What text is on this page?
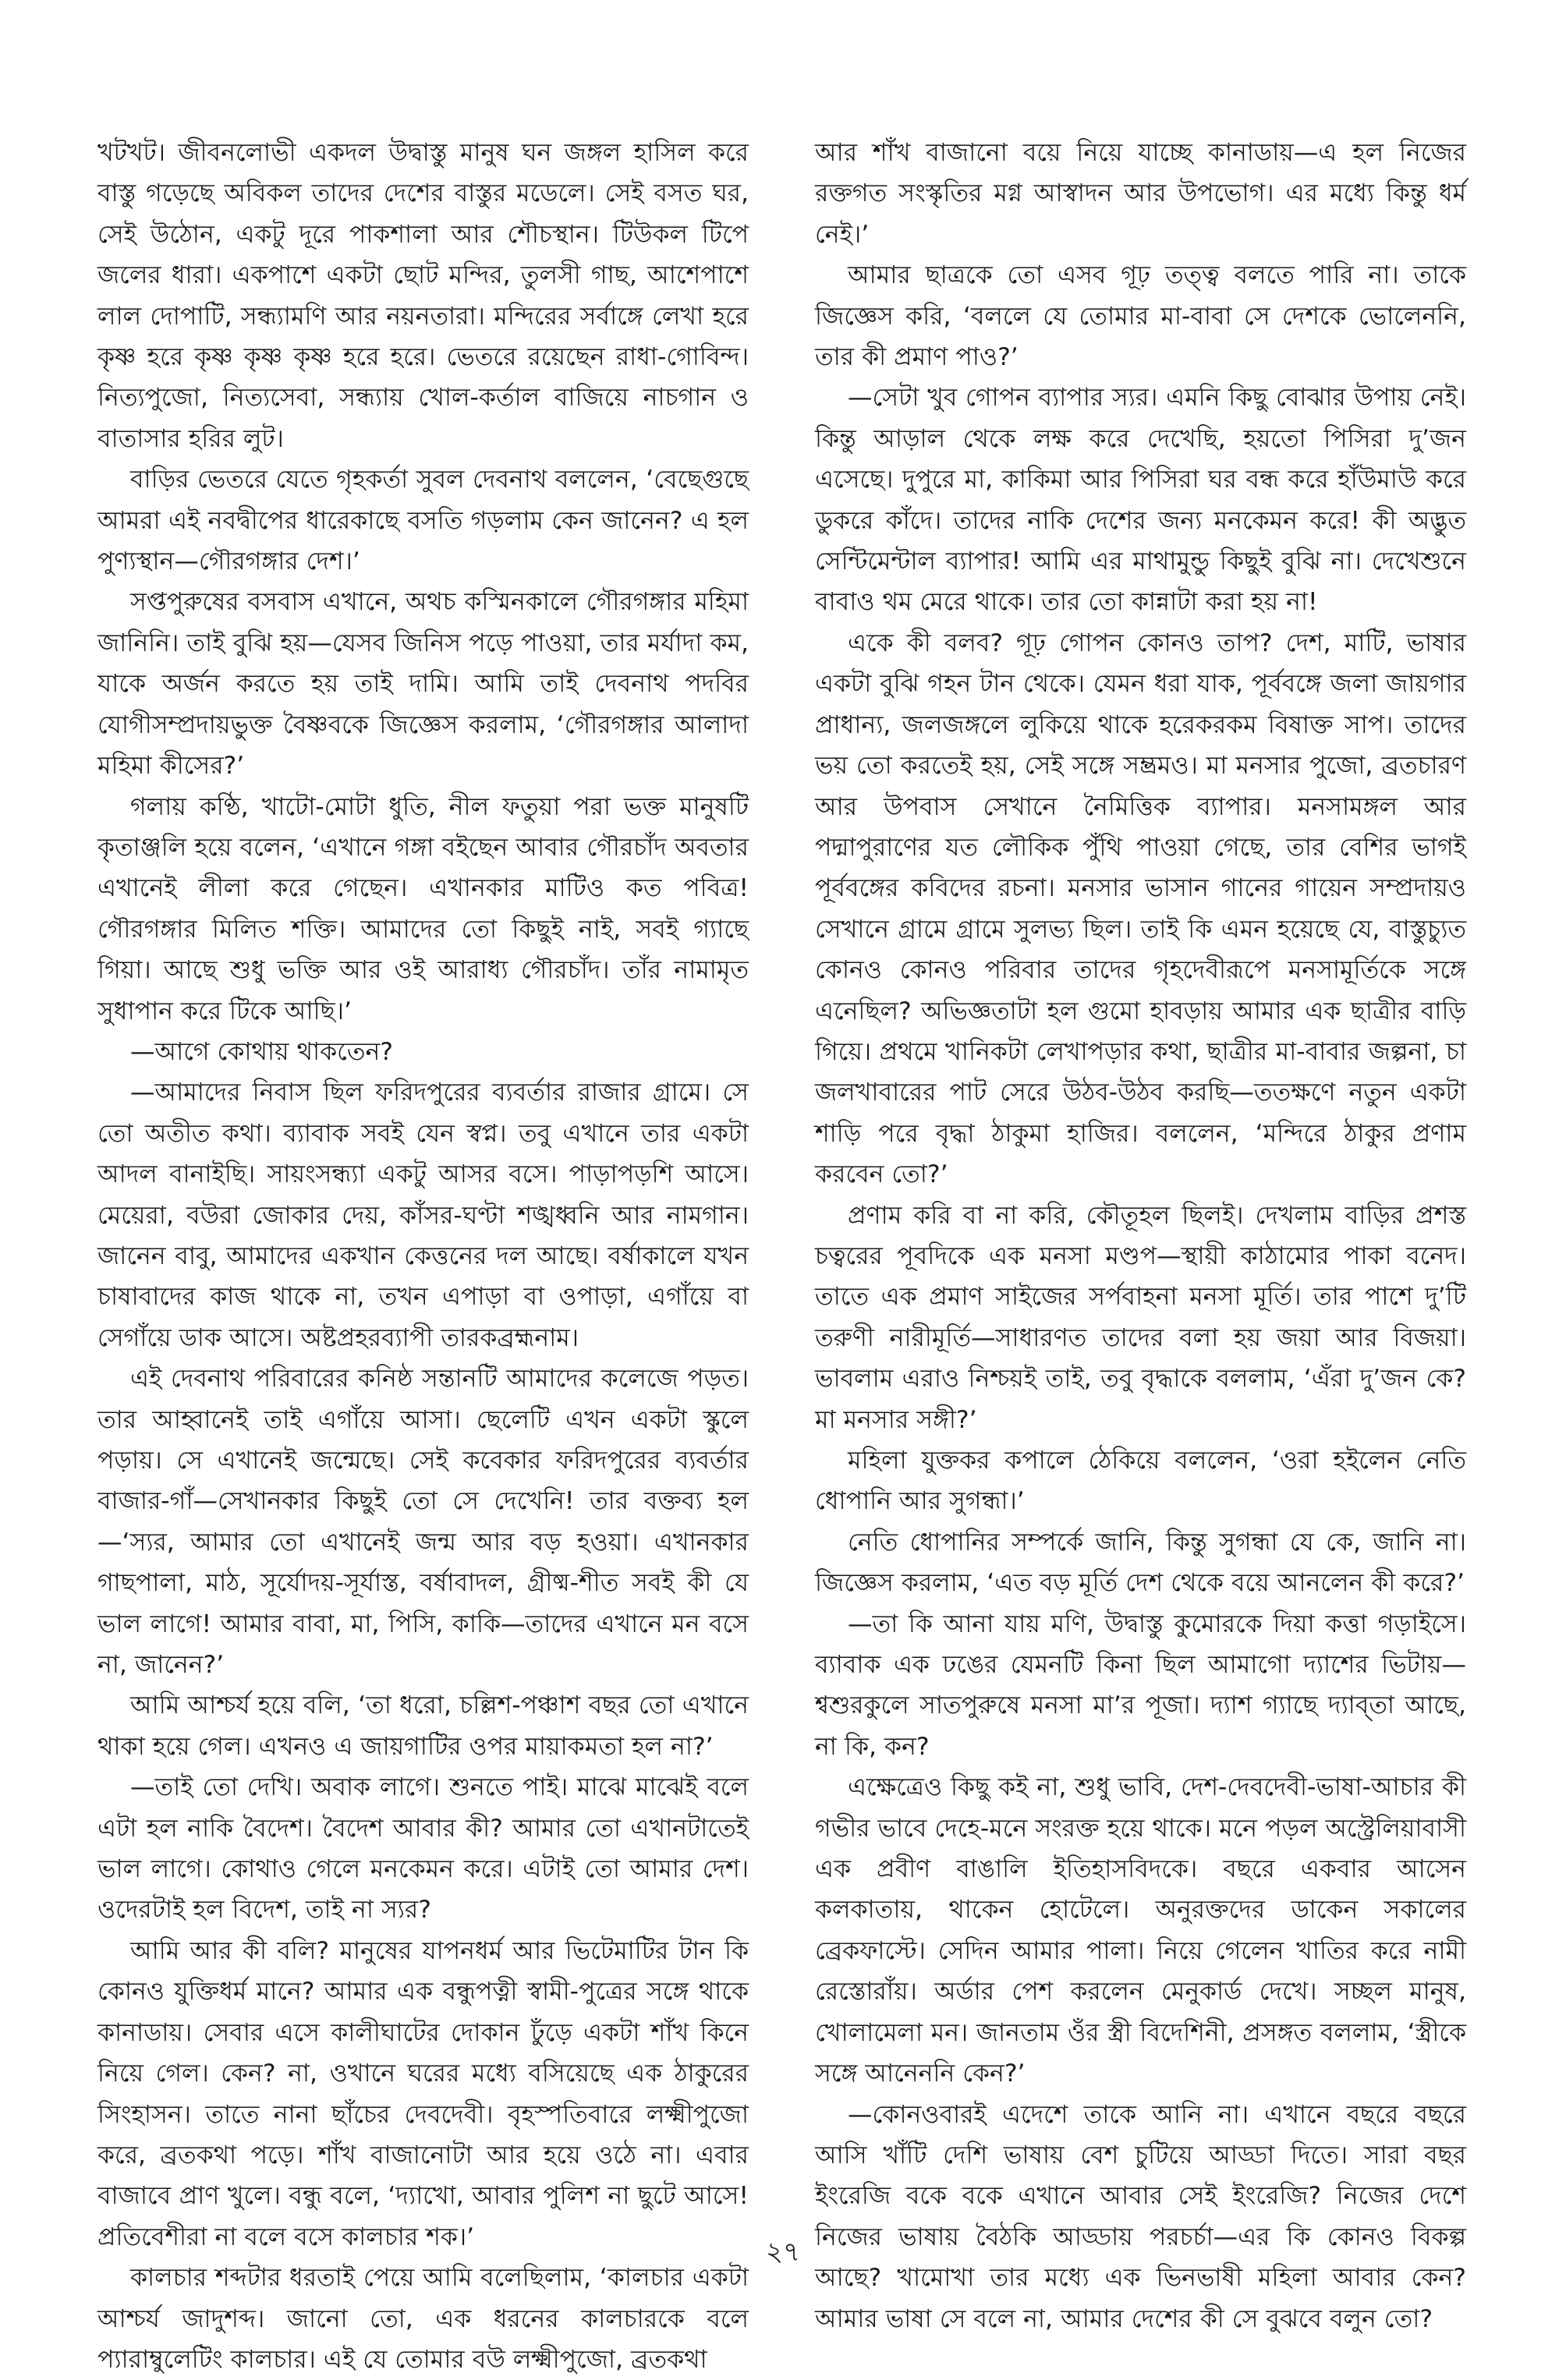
খটখট। জীবনলোভী একদল উদ্বাস্তু মানুষ ঘন জঙ্গল হাসিল করে বাস্তু গড়েছে অবিকল তাদের দেশের বাস্তুর মডেলে। সেই বসত ঘর, সেই উঠোন, একটু দূরে পাকশালা আর শৌচস্থান। টিউকল টিপে জলের ধারা। একপাশে একটা ছোট মন্দির, তুলসী গাছ, আশেপাশে লাল দোপাটি, সন্ধ্যামণি আর নয়নতারা। মন্দিরের সর্বাঙ্গে লেখা হরে কৃষ্ণ হরে কৃষ্ণ কৃষ্ণ কৃষ্ণ হরে হরে। ভেতরে রয়েছেন রাধা-গোবিন্দ। নিত্যপুজো, নিত্যসেবা, সন্ধ্যায় খোল-কর্তাল বাজিয়ে নাচগান ও বাতাসার হরির লুট।

বাড়ির ভেতরে যেতে গৃহকর্তা সুবল দেবনাথ বললেন, ‘বেছেগুছে আমরা এই নবদ্বীপের ধারেকাছে বসতি গড়লাম কেন জানেন? এ হল পুণ্যস্থান—গৌরগঙ্গার দেশ।’

সপ্তপুরুষের বসবাস এখানে, অথচ কস্মিনকালে গৌরগঙ্গার মহিমা জানিনি। তাই বুঝি হয়—যেসব জিনিস পড়ে পাওয়া, তার মর্যাদা কম, যাকে অর্জন করতে হয় তাই দামি। আমি তাই দেবনাথ পদবির যোগীসম্প্রদায়ভুক্ত বৈষ্ণবকে জিজ্ঞেস করলাম, ‘গৌরগঙ্গার আলাদা মহিমা কীসের?’

গলায় কণ্ঠি, খাটো-মোটা ধুতি, নীল ফতুয়া পরা ভক্ত মানুষটি কৃতাঞ্জলি হয়ে বলেন, ‘এখানে গঙ্গা বইছেন আবার গৌরচাঁদ অবতার এখানেই লীলা করে গেছেন। এখানকার মাটিও কত পবিত্র! গৌরগঙ্গার মিলিত শক্তি। আমাদের তো কিছুই নাই, সবই গ্যাছে গিয়া। আছে শুধু ভক্তি আর ওই আরাধ্য গৌরচাঁদ। তাঁর নামামৃত সুধাপান করে টিকে আছি।’

—আগে কোথায় থাকতেন?

—আমাদের নিবাস ছিল ফরিদপুরের ব্যবর্তার রাজার গ্রামে। সে তো অতীত কথা। ব্যাবাক সবই যেন স্বপ্ন। তবু এখানে তার একটা আদল বানাইছি। সায়ংসন্ধ্যা একটু আসর বসে। পাড়াপড়শি আসে। মেয়েরা, বউরা জোকার দেয়, কাঁসর-ঘণ্টা শঙ্খধ্বনি আর নামগান। জানেন বাবু, আমাদের একখান কেত্তনের দল আছে। বর্ষাকালে যখন চাষাবাদের কাজ থাকে না, তখন এপাড়া বা ওপাড়া, এগাঁয়ে বা সেগাঁয়ে ডাক আসে। অষ্টপ্রহরব্যাপী তারকব্রহ্মনাম।

এই দেবনাথ পরিবারের কনিষ্ঠ সন্তানটি আমাদের কলেজে পড়ত। তার আহ্বানেই তাই এগাঁয়ে আসা। ছেলেটি এখন একটা স্কুলে পড়ায়। সে এখানেই জন্মেছে। সেই কবেকার ফরিদপুরের ব্যবর্তার বাজার-গাঁ—সেখানকার কিছুই তো সে দেখেনি! তার বক্তব্য হল—‘স্যর, আমার তো এখানেই জন্ম আর বড় হওয়া। এখানকার গাছপালা, মাঠ, সূর্যোদয়-সূর্যাস্ত, বর্ষাবাদল, গ্রীষ্ম-শীত সবই কী যে ভাল লাগে! আমার বাবা, মা, পিসি, কাকি—তাদের এখানে মন বসে না, জানেন?’

আমি আশ্চর্য হয়ে বলি, ‘তা ধরো, চল্লিশ-পঞ্চাশ বছর তো এখানে থাকা হয়ে গেল। এখনও এ জায়গাটির ওপর মায়াকমতা হল না?’

—তাই তো দেখি। অবাক লাগে। শুনতে পাই। মাঝে মাঝেই বলে এটা হল নাকি বৈদেশ। বৈদেশ আবার কী? আমার তো এখানটাতেই ভাল লাগে। কোথাও গেলে মনকেমন করে। এটাই তো আমার দেশ। ওদেরটাই হল বিদেশ, তাই না স্যর?

আমি আর কী বলি? মানুষের যাপনধর্ম আর ভিটেমাটির টান কি কোনও যুক্তিধর্ম মানে? আমার এক বন্ধুপত্নী স্বামী-পুত্রের সঙ্গে থাকে কানাডায়। সেবার এসে কালীঘাটের দোকান ঢুঁড়ে একটা শাঁখ কিনে নিয়ে গেল। কেন? না, ওখানে ঘরের মধ্যে বসিয়েছে এক ঠাকুরের সিংহাসন। তাতে নানা ছাঁচের দেবদেবী। বৃহস্পতিবারে লক্ষ্মীপুজো করে, ব্রতকথা পড়ে। শাঁখ বাজানোটা আর হয়ে ওঠে না। এবার বাজাবে প্রাণ খুলে। বন্ধু বলে, ‘দ্যাখো, আবার পুলিশ না ছুটে আসে! প্রতিবেশীরা না বলে বসে কালচার শক।’

কালচার শব্দটার ধরতাই পেয়ে আমি বলেছিলাম, ‘কালচার একটা আশ্চর্য জাদুশব্দ। জানো তো, এক ধরনের কালচারকে বলে প্যারাম্বুলেটিং কালচার। এই যে তোমার বউ লক্ষ্মীপুজো, ব্রতকথা

আর শাঁখ বাজানো বয়ে নিয়ে যাচ্ছে কানাডায়—এ হল নিজের রক্তগত সংস্কৃতির মগ্ন আস্বাদন আর উপভোগ। এর মধ্যে কিন্তু ধর্ম নেই।’

আমার ছাত্রকে তো এসব গূঢ় তত্ত্ব বলতে পারি না। তাকে জিজ্ঞেস করি, ‘বললে যে তোমার মা-বাবা সে দেশকে ভোলেননি, তার কী প্রমাণ পাও?’

—সেটা খুব গোপন ব্যাপার স্যর। এমনি কিছু বোঝার উপায় নেই। কিন্তু আড়াল থেকে লক্ষ করে দেখেছি, হয়তো পিসিরা দু’জন এসেছে। দুপুরে মা, কাকিমা আর পিসিরা ঘর বন্ধ করে হাঁউমাউ করে ডুকরে কাঁদে। তাদের নাকি দেশের জন্য মনকেমন করে! কী অদ্ভুত সেন্টিমেন্টাল ব্যাপার! আমি এর মাথামুন্ডু কিছুই বুঝি না। দেখেশুনে বাবাও থম মেরে থাকে। তার তো কান্নাটা করা হয় না!

একে কী বলব? গূঢ় গোপন কোনও তাপ? দেশ, মাটি, ভাষার একটা বুঝি গহন টান থেকে। যেমন ধরা যাক, পূর্ববঙ্গে জলা জায়গার প্রাধান্য, জলজঙ্গলে লুকিয়ে থাকে হরেকরকম বিষাক্ত সাপ। তাদের ভয় তো করতেই হয়, সেই সঙ্গে সম্ভ্রমও। মা মনসার পুজো, ব্রতচারণ আর উপবাস সেখানে নৈমিত্তিক ব্যাপার। মনসামঙ্গল আর পদ্মাপুরাণের যত লৌকিক পুঁথি পাওয়া গেছে, তার বেশির ভাগই পূর্ববঙ্গের কবিদের রচনা। মনসার ভাসান গানের গায়েন সম্প্রদায়ও সেখানে গ্রামে গ্রামে সুলভ্য ছিল। তাই কি এমন হয়েছে যে, বাস্তুচ্যুত কোনও কোনও পরিবার তাদের গৃহদেবীরূপে মনসামূর্তিকে সঙ্গে এনেছিল? অভিজ্ঞতাটা হল গুমো হাবড়ায় আমার এক ছাত্রীর বাড়ি গিয়ে। প্রথমে খানিকটা লেখাপড়ার কথা, ছাত্রীর মা-বাবার জল্পনা, চা জলখাবারের পাট সেরে উঠব-উঠব করছি—ততক্ষণে নতুন একটা শাড়ি পরে বৃদ্ধা ঠাকুমা হাজির। বললেন, ‘মন্দিরে ঠাকুর প্রণাম করবেন তো?’

প্রণাম করি বা না করি, কৌতূহল ছিলই। দেখলাম বাড়ির প্রশস্ত চত্বরের পূবদিকে এক মনসা মণ্ডপ—স্থায়ী কাঠামোর পাকা বনেদ। তাতে এক প্রমাণ সাইজের সর্পবাহনা মনসা মূর্তি। তার পাশে দু’টি তরুণী নারীমূর্তি—সাধারণত তাদের বলা হয় জয়া আর বিজয়া। ভাবলাম এরাও নিশ্চয়ই তাই, তবু বৃদ্ধাকে বললাম, ‘এঁরা দু’জন কে? মা মনসার সঙ্গী?’

মহিলা যুক্তকর কপালে ঠেকিয়ে বললেন, ‘ওরা হইলেন নেতি ধোপানি আর সুগন্ধা।’

নেতি ধোপানির সম্পর্কে জানি, কিন্তু সুগন্ধা যে কে, জানি না। জিজ্ঞেস করলাম, ‘এত বড় মূর্তি দেশ থেকে বয়ে আনলেন কী করে?’

—তা কি আনা যায় মণি, উদ্বাস্তু কুমোরকে দিয়া কত্তা গড়াইসে। ব্যাবাক এক ঢঙের যেমনটি কিনা ছিল আমাগো দ্যাশের ভিটায়—শ্বশুরকুলে সাতপুরুষে মনসা মা’র পূজা। দ্যাশ গ্যাছে দ্যাব্তা আছে, না কি, কন?

এক্ষেত্রেও কিছু কই না, শুধু ভাবি, দেশ-দেবদেবী-ভাষা-আচার কী গভীর ভাবে দেহে-মনে সংরক্ত হয়ে থাকে। মনে পড়ল অস্ট্রেলিয়াবাসী এক প্রবীণ বাঙালি ইতিহাসবিদকে। বছরে একবার আসেন কলকাতায়, থাকেন হোটেলে। অনুরক্তদের ডাকেন সকালের ব্রেকফাস্টে। সেদিন আমার পালা। নিয়ে গেলেন খাতির করে নামী রেস্তোরাঁয়। অর্ডার পেশ করলেন মেনুকার্ড দেখে। সচ্ছল মানুষ, খোলামেলা মন। জানতাম ওঁর স্ত্রী বিদেশিনী, প্রসঙ্গত বললাম, ‘স্ত্রীকে সঙ্গে আনেননি কেন?’

—কোনওবারই এদেশে তাকে আনি না। এখানে বছরে বছরে আসি খাঁটি দেশি ভাষায় বেশ চুটিয়ে আড্ডা দিতে। সারা বছর ইংরেজি বকে বকে এখানে আবার সেই ইংরেজি? নিজের দেশে নিজের ভাষায় বৈঠকি আড্ডায় পরচর্চা—এর কি কোনও বিকল্প আছে? খামোখা তার মধ্যে এক ভিনভাষী মহিলা আবার কেন? আমার ভাষা সে বলে না, আমার দেশের কী সে বুঝবে বলুন তো?

২৭
